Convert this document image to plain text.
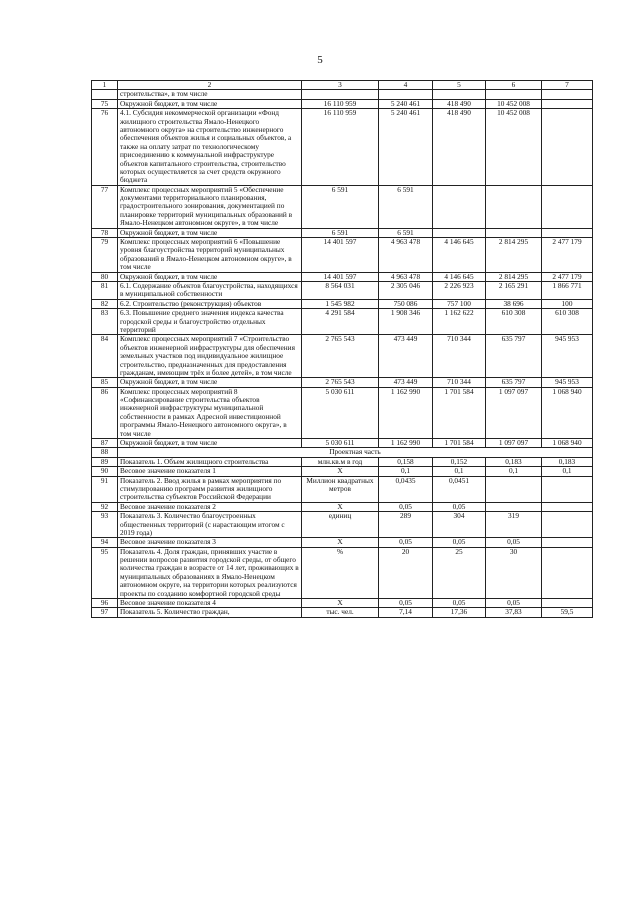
5
1	2	3	4	5	6	7
	строительства», в том числе					
75	Окружной бюджет, в том числе	16 110 959	5 240 461	418 490	10 452 008	
76	4.1. Субсидия некоммерческой организации «Фонд жилищного строительства Ямало-Ненецкого автономного округа» на строительство инженерного обеспечения объектов жилья и социальных объектов, а также на оплату затрат по технологическому присоединению к коммунальной инфраструктуре объектов капитального строительства, строительство которых осуществляется за счет средств окружного бюджета	16 110 959	5 240 461	418 490	10 452 008	
77	Комплекс процессных мероприятий 5 «Обеспечение документами территориального планирования, градостроительного зонирования, документацией по планировке территорий муниципальных образований в Ямало-Ненецком автономном округе», в том числе	6 591	6 591			
78	Окружной бюджет, в том числе	6 591	6 591			
79	Комплекс процессных мероприятий 6 «Повышение уровня благоустройства территорий муниципальных образований в Ямало-Ненецком автономном округе», в том числе	14 401 597	4 963 478	4 146 645	2 814 295	2 477 179
80	Окружной бюджет, в том числе	14 401 597	4 963 478	4 146 645	2 814 295	2 477 179
81	6.1. Содержание объектов благоустройства, находящихся в муниципальной собственности	8 564 031	2 305 046	2 226 923	2 165 291	1 866 771
82	6.2. Строительство (реконструкция) объектов	1 545 982	750 086	757 100	38 696	100
83	6.3. Повышение среднего значения индекса качества городской среды и благоустройство отдельных территорий	4 291 584	1 908 346	1 162 622	610 308	610 308
84	Комплекс процессных мероприятий 7 «Строительство объектов инженерной инфраструктуры для обеспечения земельных участков под индивидуальное жилищное строительство, предназначенных для предоставления гражданам, имеющим трёх и более детей», в том числе	2 765 543	473 449	710 344	635 797	945 953
85	Окружной бюджет, в том числе	2 765 543	473 449	710 344	635 797	945 953
86	Комплекс процессных мероприятий 8 «Софинансирование строительства объектов инженерной инфраструктуры муниципальной собственности в рамках Адресной инвестиционной программы Ямало-Ненецкого автономного округа», в том числе	5 030 611	1 162 990	1 701 584	1 097 097	1 068 940
87	Окружной бюджет, в том числе	5 030 611	1 162 990	1 701 584	1 097 097	1 068 940
88	Проектная часть					
89	Показатель 1. Объем жилищного строительства	млн.кв.м в год	0,158	0,152	0,183	0,183
90	Весовое значение показателя 1	X	0,1	0,1	0,1	0,1
91	Показатель 2. Ввод жилья в рамках мероприятия по стимулированию программ развития жилищного строительства субъектов Российской Федерации	Миллион квадратных метров	0,0435	0,0451		
92	Весовое значение показателя 2	X	0,05	0,05		
93	Показатель 3. Количество благоустроенных общественных территорий (с нарастающим итогом с 2019 года)	единиц	289	304	319	
94	Весовое значение показателя 3	X	0,05	0,05	0,05	
95	Показатель 4. Доля граждан, принявших участие в решении вопросов развития городской среды, от общего количества граждан в возрасте от 14 лет, проживающих в муниципальных образованиях в Ямало-Ненецком автономном округе, на территории которых реализуются проекты по созданию комфортной городской среды	%	20	25	30	
96	Весовое значение показателя 4	X	0,05	0,05	0,05	
97	Показатель 5. Количество граждан,	тыс. чел.	7,14	17,36	37,83	59,5
